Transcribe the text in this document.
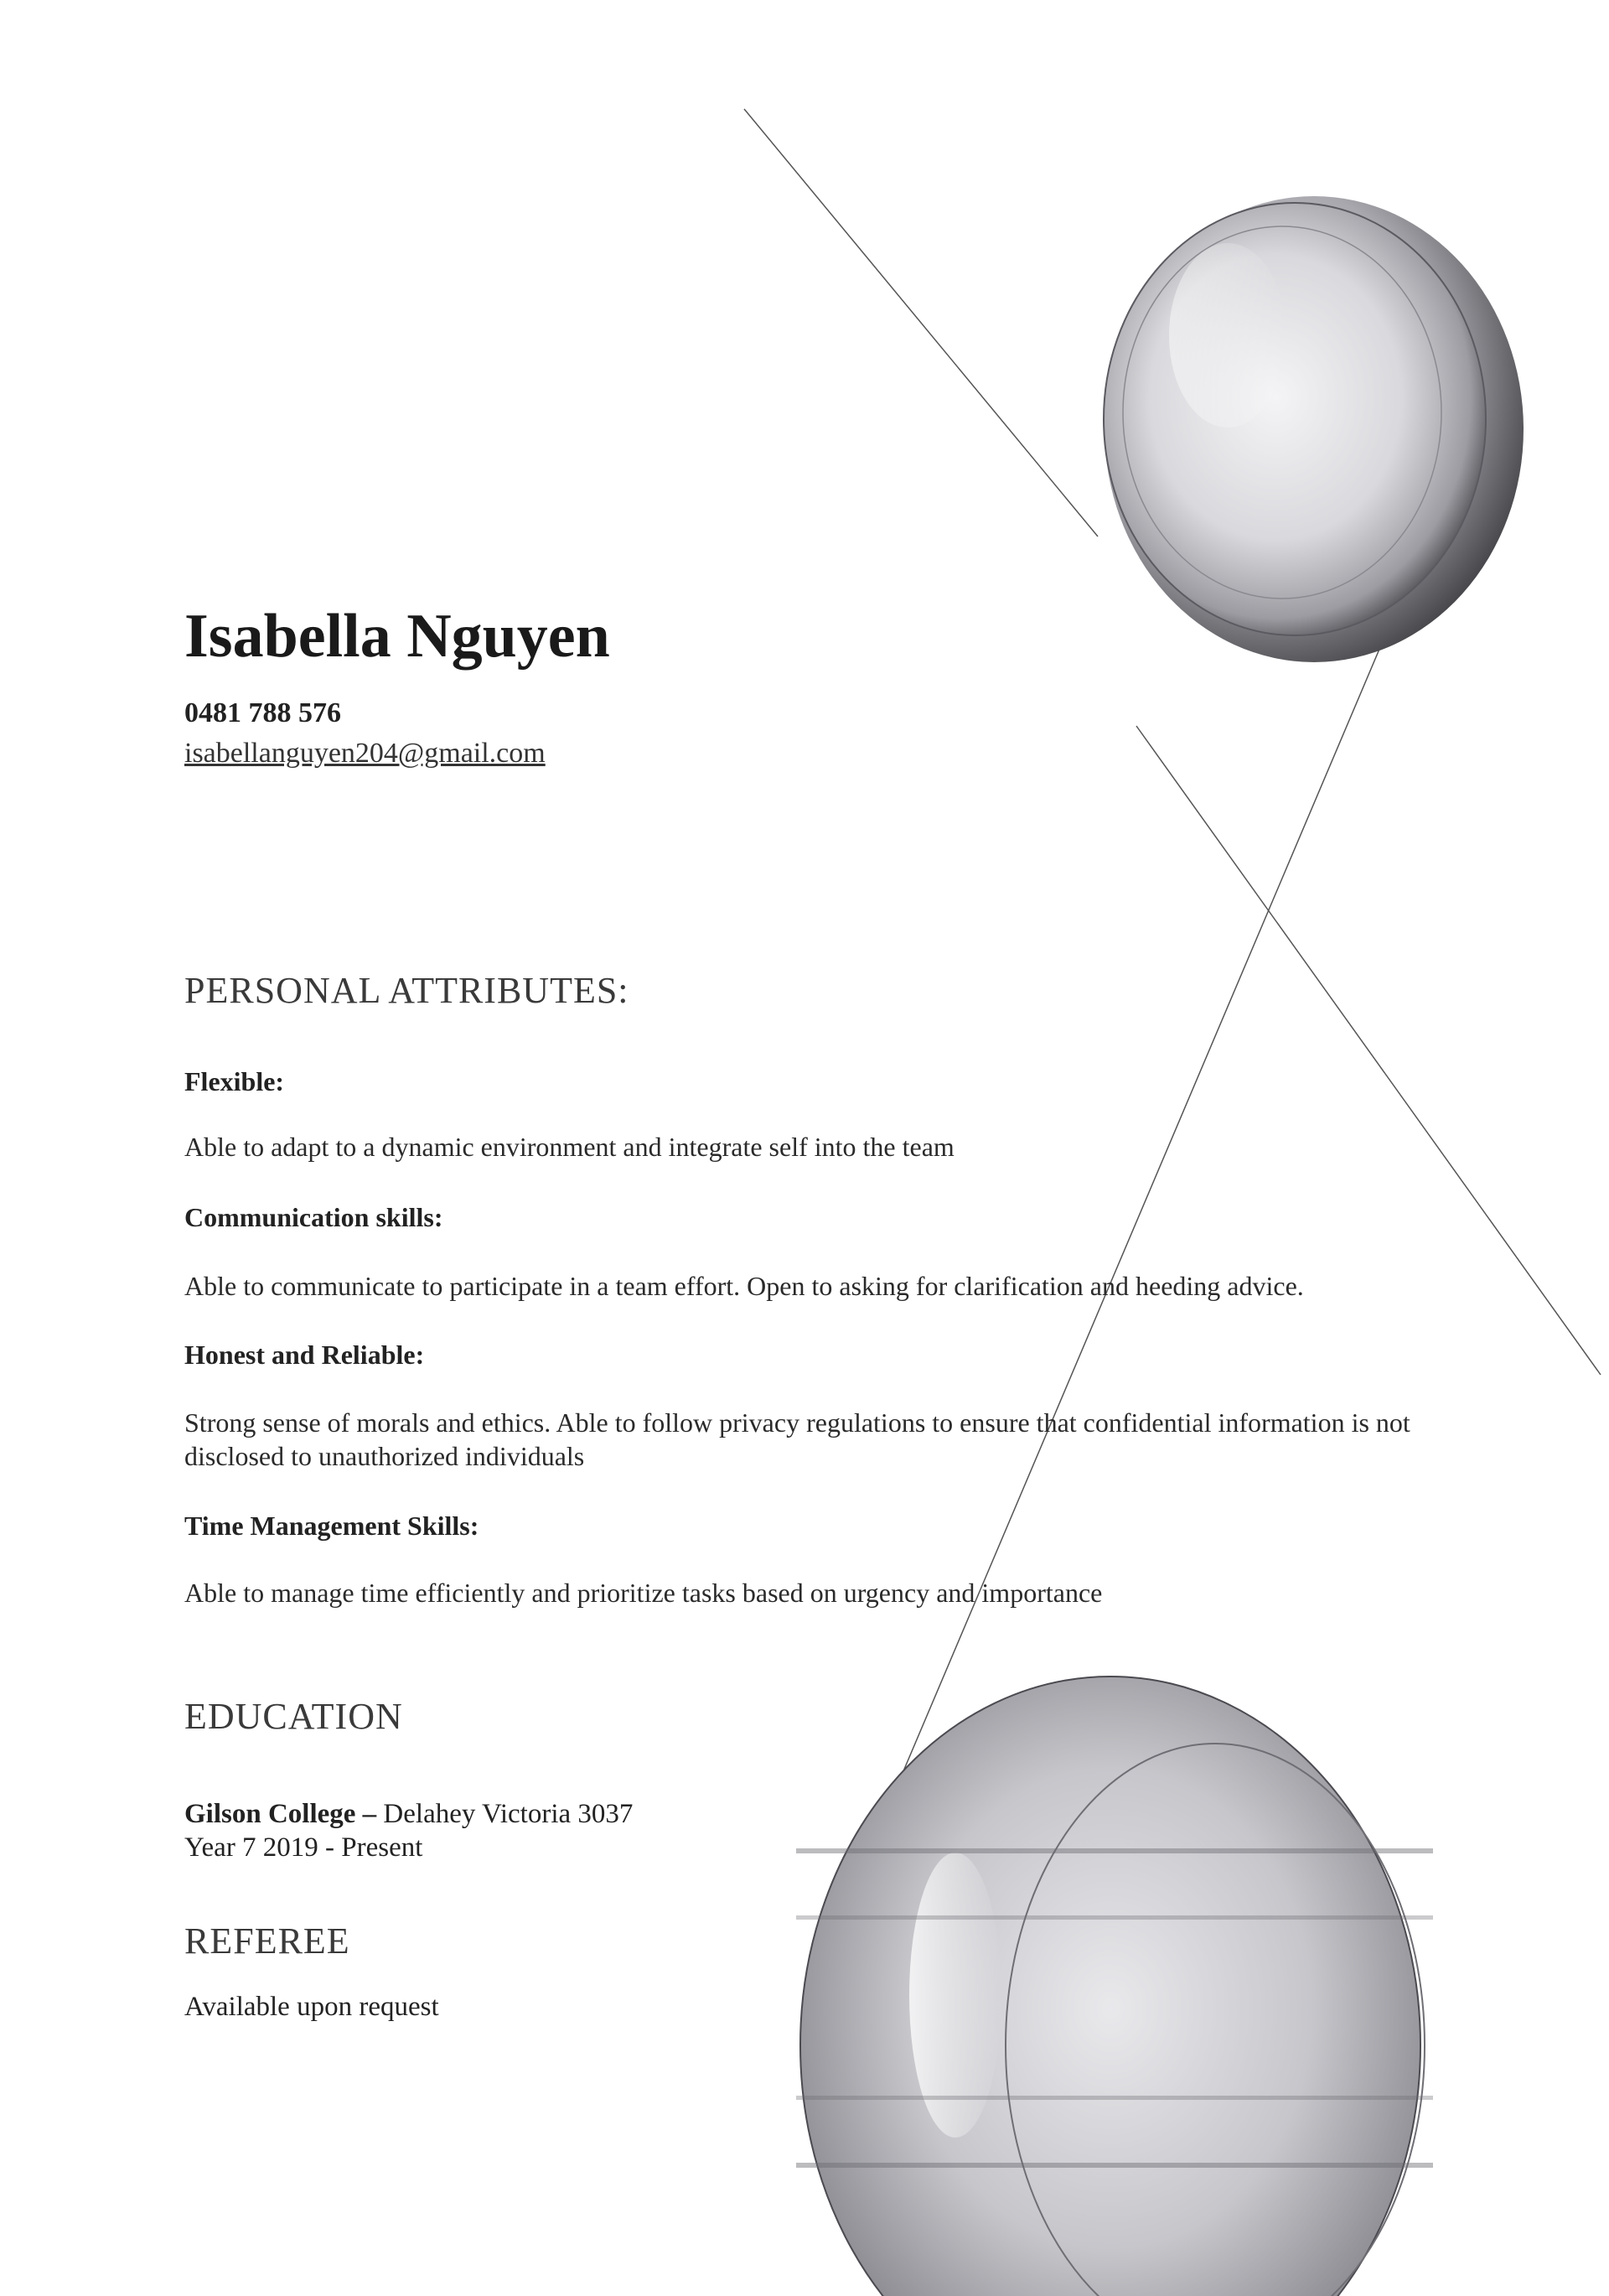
Isabella Nguyen
0481 788 576
isabellanguyen204@gmail.com
PERSONAL ATTRIBUTES:
Flexible:
Able to adapt to a dynamic environment and integrate self into the team
Communication skills:
Able to communicate to participate in a team effort. Open to asking for clarification and heeding advice.
Honest and Reliable:
Strong sense of morals and ethics. Able to follow privacy regulations to ensure that confidential information is not disclosed to unauthorized individuals
Time Management Skills:
Able to manage time efficiently and prioritize tasks based on urgency and importance
EDUCATION
Gilson College – Delahey Victoria 3037
Year 7 2019 - Present
REFEREE
Available upon request
